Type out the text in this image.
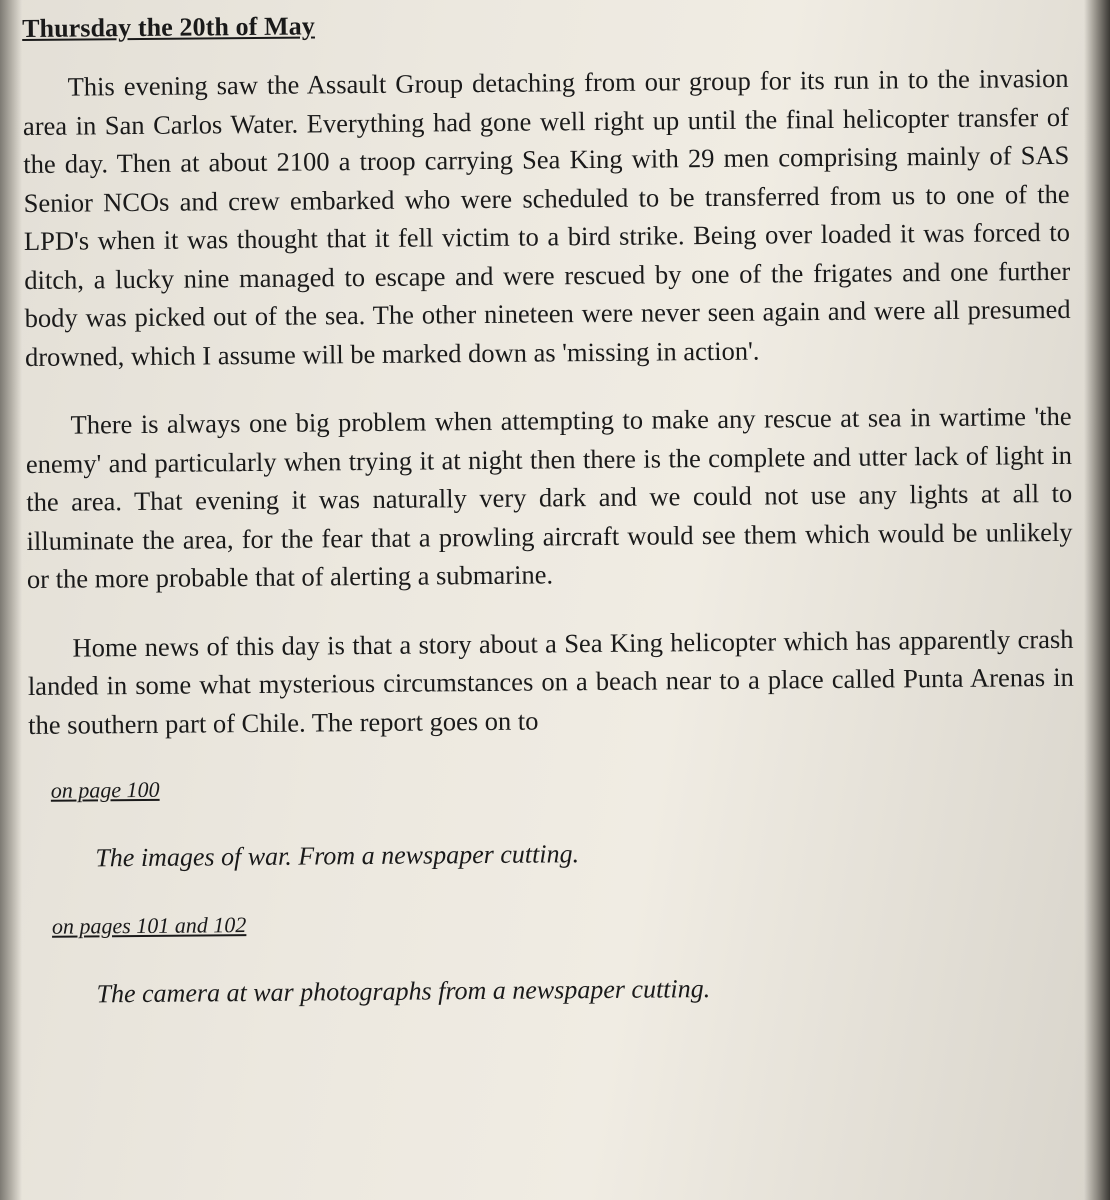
Thursday the 20th of May

This evening saw the Assault Group detaching from our group for its run in to the invasion area in San Carlos Water. Everything had gone well right up until the final helicopter transfer of the day. Then at about 2100 a troop carrying Sea King with 29 men comprising mainly of SAS Senior NCOs and crew embarked who were scheduled to be transferred from us to one of the LPD's when it was thought that it fell victim to a bird strike. Being over loaded it was forced to ditch, a lucky nine managed to escape and were rescued by one of the frigates and one further body was picked out of the sea. The other nineteen were never seen again and were all presumed drowned, which I assume will be marked down as 'missing in action'.

There is always one big problem when attempting to make any rescue at sea in wartime 'the enemy' and particularly when trying it at night then there is the complete and utter lack of light in the area. That evening it was naturally very dark and we could not use any lights at all to illuminate the area, for the fear that a prowling aircraft would see them which would be unlikely or the more probable that of alerting a submarine.

Home news of this day is that a story about a Sea King helicopter which has apparently crash landed in some what mysterious circumstances on a beach near to a place called Punta Arenas in the southern part of Chile. The report goes on to

on page 100
The images of war. From a newspaper cutting.
on pages 101 and 102
The camera at war photographs from a newspaper cutting.
